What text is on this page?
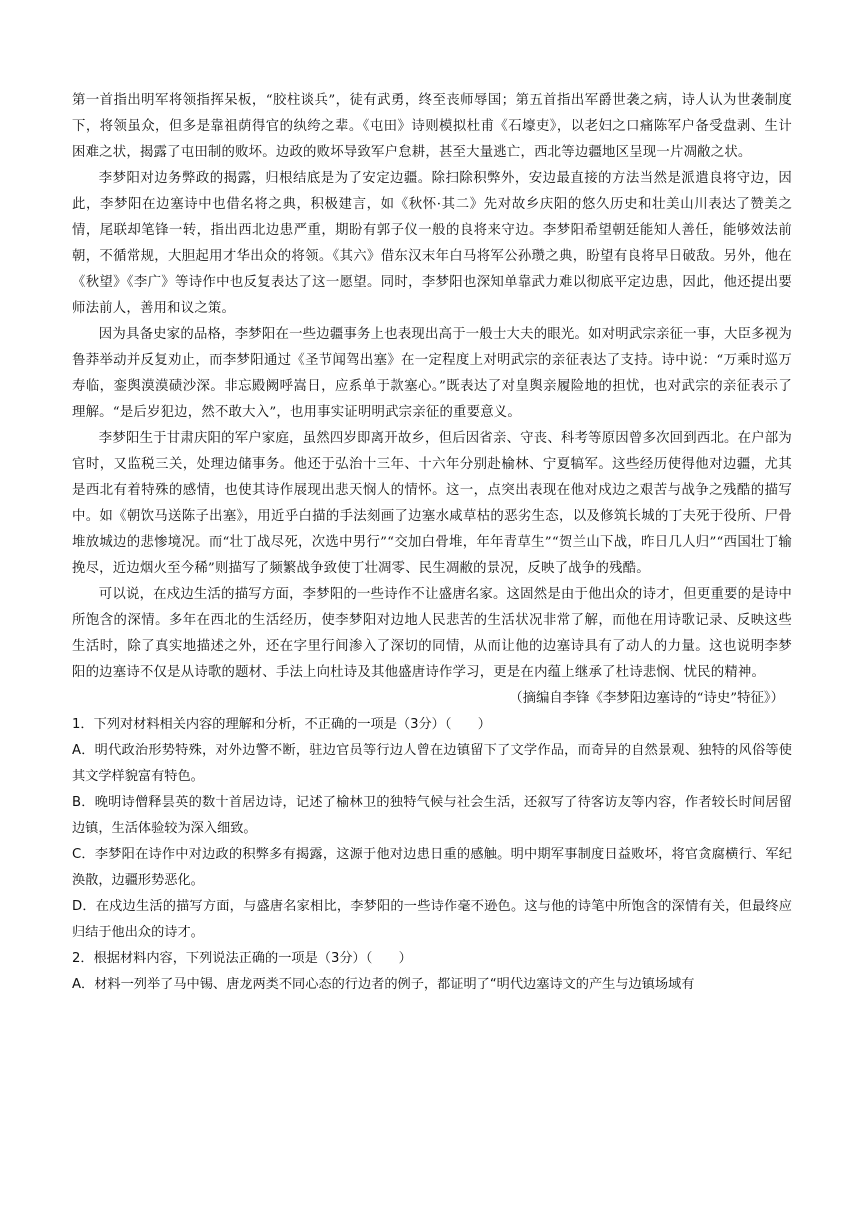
第一首指出明军将领指挥呆板，“胶柱谈兵”，徒有武勇，终至丧师辱国；第五首指出军爵世袭之病，诗人认为世袭制度下，将领虽众，但多是靠祖荫得官的纨绔之辈。《屯田》诗则模拟杜甫《石壕吏》，以老妇之口痛陈军户备受盘剥、生计困难之状，揭露了屯田制的败坏。边政的败坏导致军户怠耕，甚至大量逃亡，西北等边疆地区呈现一片凋敝之状。

李梦阳对边务弊政的揭露，归根结底是为了安定边疆。除扫除积弊外，安边最直接的方法当然是派遣良将守边，因此，李梦阳在边塞诗中也借名将之典，积极建言，如《秋怀·其二》先对故乡庆阳的悠久历史和壮美山川表达了赞美之情，尾联却笔锋一转，指出西北边患严重，期盼有郭子仪一般的良将来守边。李梦阳希望朝廷能知人善任，能够效法前朝，不循常规，大胆起用才华出众的将领。《其六》借东汉末年白马将军公孙瓒之典，盼望有良将早日破敌。另外，他在《秋望》《李广》等诗作中也反复表达了这一愿望。同时，李梦阳也深知单靠武力难以彻底平定边患，因此，他还提出要师法前人，善用和议之策。

因为具备史家的品格，李梦阳在一些边疆事务上也表现出高于一般士大夫的眼光。如对明武宗亲征一事，大臣多视为鲁莽举动并反复劝止，而李梦阳通过《圣节闻驾出塞》在一定程度上对明武宗的亲征表达了支持。诗中说：“万乘时巡万寿临，銮舆漠漠碛沙深。非忘殿阙呼嵩日，应系单于款塞心。”既表达了对皇舆亲履险地的担忧，也对武宗的亲征表示了理解。“是后岁犯边，然不敢大入”，也用事实证明明武宗亲征的重要意义。

李梦阳生于甘肃庆阳的军户家庭，虽然四岁即离开故乡，但后因省亲、守丧、科考等原因曾多次回到西北。在户部为官时，又监税三关，处理边储事务。他还于弘治十三年、十六年分别赴榆林、宁夏犒军。这些经历使得他对边疆，尤其是西北有着特殊的感情，也使其诗作展现出悲天悯人的情怀。这一，点突出表现在他对戍边之艰苦与战争之残酷的描写中。如《朝饮马送陈子出塞》，用近乎白描的手法刻画了边塞水咸草枯的恶劣生态，以及修筑长城的丁夫死于役所、尸骨堆放城边的悲惨境况。而“壮丁战尽死，次选中男行”“交加白骨堆，年年青草生”“贺兰山下战，昨日几人归”“西国壮丁输挽尽，近边烟火至今稀”则描写了频繁战争致使丁壮凋零、民生凋敝的景况，反映了战争的残酷。

可以说，在戍边生活的描写方面，李梦阳的一些诗作不让盛唐名家。这固然是由于他出众的诗才，但更重要的是诗中所饱含的深情。多年在西北的生活经历，使李梦阳对边地人民悲苦的生活状况非常了解，而他在用诗歌记录、反映这些生活时，除了真实地描述之外，还在字里行间渗入了深切的同情，从而让他的边塞诗具有了动人的力量。这也说明李梦阳的边塞诗不仅是从诗歌的题材、手法上向杜诗及其他盛唐诗作学习，更是在内蕴上继承了杜诗悲悯、忧民的精神。

（摘编自李锋《李梦阳边塞诗的“诗史”特征》）

1．下列对材料相关内容的理解和分析，不正确的一项是（3分）（　　）

A．明代政治形势特殊，对外边警不断，驻边官员等行边人曾在边镇留下了文学作品，而奇异的自然景观、独特的风俗等使其文学样貌富有特色。

B．晚明诗僧释昙英的数十首居边诗，记述了榆林卫的独特气候与社会生活，还叙写了待客访友等内容，作者较长时间居留边镇，生活体验较为深入细致。

C．李梦阳在诗作中对边政的积弊多有揭露，这源于他对边患日重的感触。明中期军事制度日益败坏，将官贪腐横行、军纪涣散，边疆形势恶化。

D．在戍边生活的描写方面，与盛唐名家相比，李梦阳的一些诗作毫不逊色。这与他的诗笔中所饱含的深情有关，但最终应归结于他出众的诗才。

2．根据材料内容，下列说法正确的一项是（3分）（　　）

A．材料一列举了马中锡、唐龙两类不同心态的行边者的例子，都证明了“明代边塞诗文的产生与边镇场域有
